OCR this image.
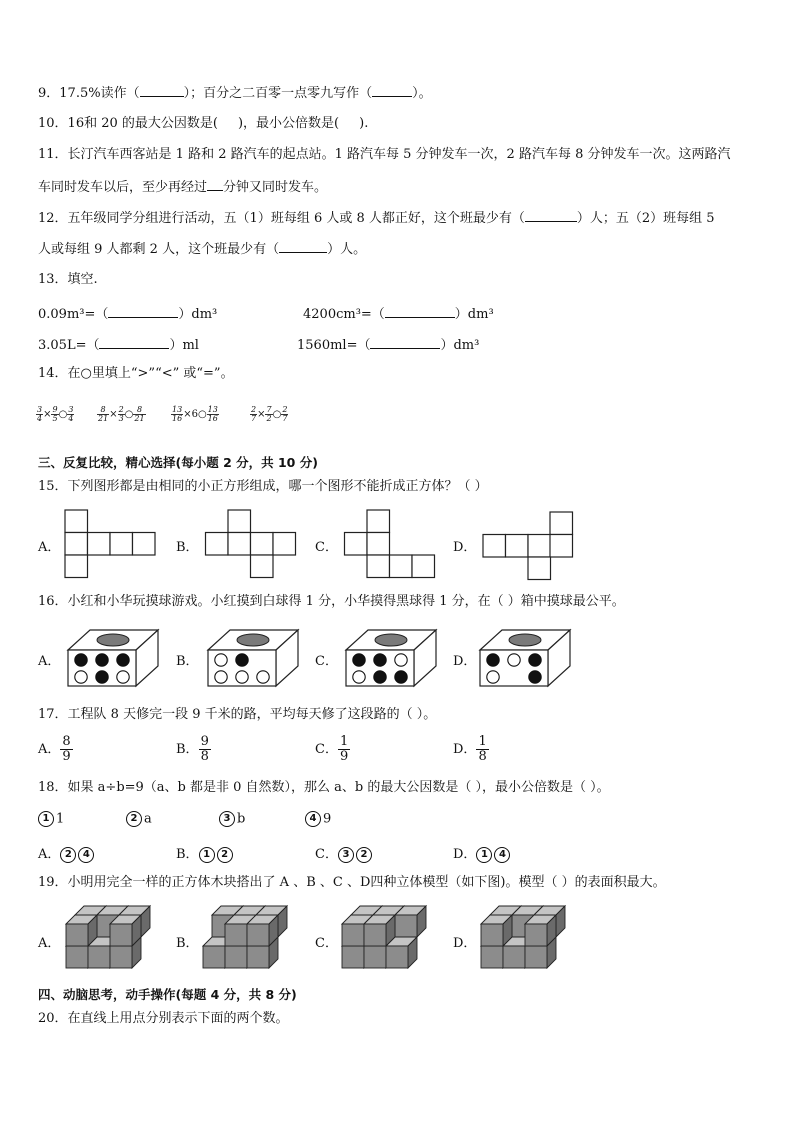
9．17.5%读作（	）；百分之二百零一点零九写作（	）。
10．16和 20 的最大公因数是( )，最小公倍数是( ).
11．长汀汽车西客站是 1 路和 2 路汽车的起点站。1 路汽车每 5 分钟发车一次，2 路汽车每 8 分钟发车一次。这两路汽
车同时发车以后，至少再经过 分钟又同时发车。
12．五年级同学分组进行活动，五（1）班每组 6 人或 8 人都正好，这个班最少有（	）人；五（2）班每组 5
人或每组 9 人都剩 2 人，这个班最少有（	）人。
13．填空.
0.09m³=（	）dm³	4200cm³=（	）dm³
3.05L=（	）ml	1560ml=（	）dm³
14．在○里填上“>”“<” 或“=”。
$\frac{3}{4} \times \frac{9}{5}$ ○ $\frac{3}{4}$	$\frac{8}{21} \times \frac{2}{3}$ ○ $\frac{8}{21}$	$\frac{13}{16}$ ×6○ $\frac{13}{16}$	$\frac{2}{7} \times \frac{7}{2}$ ○ $\frac{2}{7}$
三、反复比较，精心选择(每小题 2 分，共 10 分)
15．下列图形都是由相同的小正方形组成，哪一个图形不能折成正方体？（ ）
A．	B．	C．	D．
16．小红和小华玩摸球游戏。小红摸到白球得 1 分，小华摸得黑球得 1 分，在（ ）箱中摸球最公平。
A．	B．	C．	D．
17．工程队 8 天修完一段 9 千米的路，平均每天修了这段路的（ ）。
A． $\frac{8}{9}$	B． $\frac{9}{8}$	C． $\frac{1}{9}$	D． $\frac{1}{8}$
18．如果 a÷b=9（a、b 都是非 0 自然数），那么 a、b 的最大公因数是（ ），最小公倍数是（ ）。
1 1	2 a	3 b	4 9
A． 2 4	B． 1 2	C． 3 2	D． 1 4
19．小明用完全一样的正方体木块搭出了 A 、B 、C 、D四种立体模型（如下图)。模型（ ）的表面积最大。
A．	B．	C．	D．
四、动脑思考，动手操作(每题 4 分，共 8 分)
20．在直线上用点分别表示下面的两个数。
